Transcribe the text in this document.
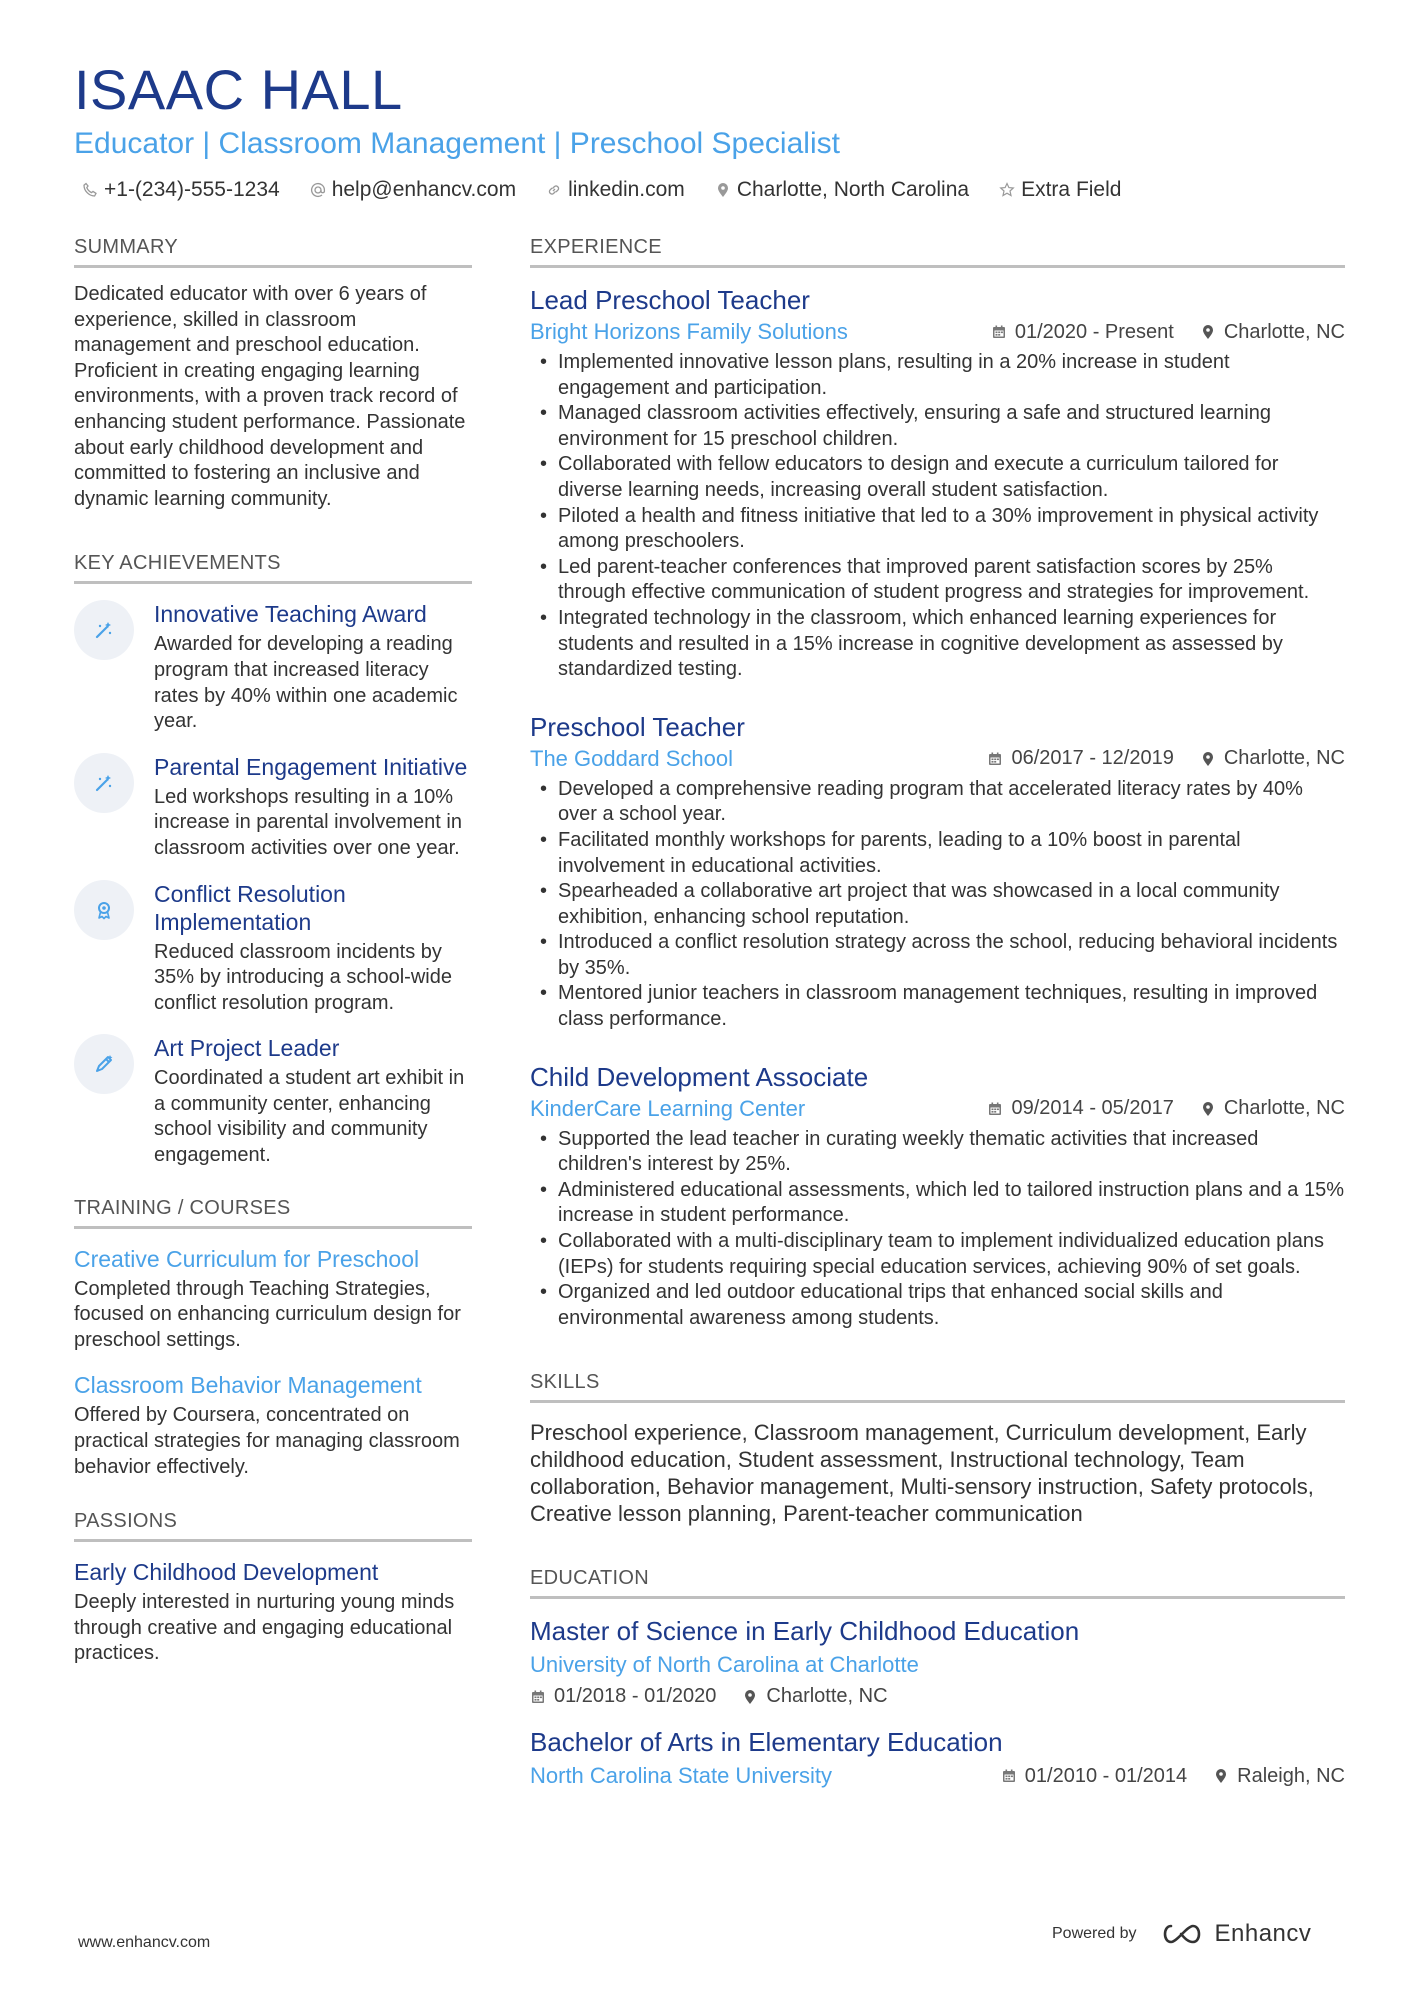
ISAAC HALL
Educator | Classroom Management | Preschool Specialist
+1-(234)-555-1234 help@enhancv.com linkedin.com Charlotte, North Carolina Extra Field
SUMMARY
Dedicated educator with over 6 years of experience, skilled in classroom management and preschool education. Proficient in creating engaging learning environments, with a proven track record of enhancing student performance. Passionate about early childhood development and committed to fostering an inclusive and dynamic learning community.
KEY ACHIEVEMENTS
Innovative Teaching Award
Awarded for developing a reading program that increased literacy rates by 40% within one academic year.
Parental Engagement Initiative
Led workshops resulting in a 10% increase in parental involvement in classroom activities over one year.
Conflict Resolution Implementation
Reduced classroom incidents by 35% by introducing a school-wide conflict resolution program.
Art Project Leader
Coordinated a student art exhibit in a community center, enhancing school visibility and community engagement.
TRAINING / COURSES
Creative Curriculum for Preschool
Completed through Teaching Strategies, focused on enhancing curriculum design for preschool settings.
Classroom Behavior Management
Offered by Coursera, concentrated on practical strategies for managing classroom behavior effectively.
PASSIONS
Early Childhood Development
Deeply interested in nurturing young minds through creative and engaging educational practices.
EXPERIENCE
Lead Preschool Teacher
Bright Horizons Family Solutions	01/2020 - Present	Charlotte, NC
• Implemented innovative lesson plans, resulting in a 20% increase in student engagement and participation.
• Managed classroom activities effectively, ensuring a safe and structured learning environment for 15 preschool children.
• Collaborated with fellow educators to design and execute a curriculum tailored for diverse learning needs, increasing overall student satisfaction.
• Piloted a health and fitness initiative that led to a 30% improvement in physical activity among preschoolers.
• Led parent-teacher conferences that improved parent satisfaction scores by 25% through effective communication of student progress and strategies for improvement.
• Integrated technology in the classroom, which enhanced learning experiences for students and resulted in a 15% increase in cognitive development as assessed by standardized testing.
Preschool Teacher
The Goddard School	06/2017 - 12/2019	Charlotte, NC
• Developed a comprehensive reading program that accelerated literacy rates by 40% over a school year.
• Facilitated monthly workshops for parents, leading to a 10% boost in parental involvement in educational activities.
• Spearheaded a collaborative art project that was showcased in a local community exhibition, enhancing school reputation.
• Introduced a conflict resolution strategy across the school, reducing behavioral incidents by 35%.
• Mentored junior teachers in classroom management techniques, resulting in improved class performance.
Child Development Associate
KinderCare Learning Center	09/2014 - 05/2017	Charlotte, NC
• Supported the lead teacher in curating weekly thematic activities that increased children's interest by 25%.
• Administered educational assessments, which led to tailored instruction plans and a 15% increase in student performance.
• Collaborated with a multi-disciplinary team to implement individualized education plans (IEPs) for students requiring special education services, achieving 90% of set goals.
• Organized and led outdoor educational trips that enhanced social skills and environmental awareness among students.
SKILLS
Preschool experience, Classroom management, Curriculum development, Early childhood education, Student assessment, Instructional technology, Team collaboration, Behavior management, Multi-sensory instruction, Safety protocols, Creative lesson planning, Parent-teacher communication
EDUCATION
Master of Science in Early Childhood Education
University of North Carolina at Charlotte
01/2018 - 01/2020	Charlotte, NC
Bachelor of Arts in Elementary Education
North Carolina State University	01/2010 - 01/2014	Raleigh, NC
www.enhancv.com
Powered by	Enhancv
